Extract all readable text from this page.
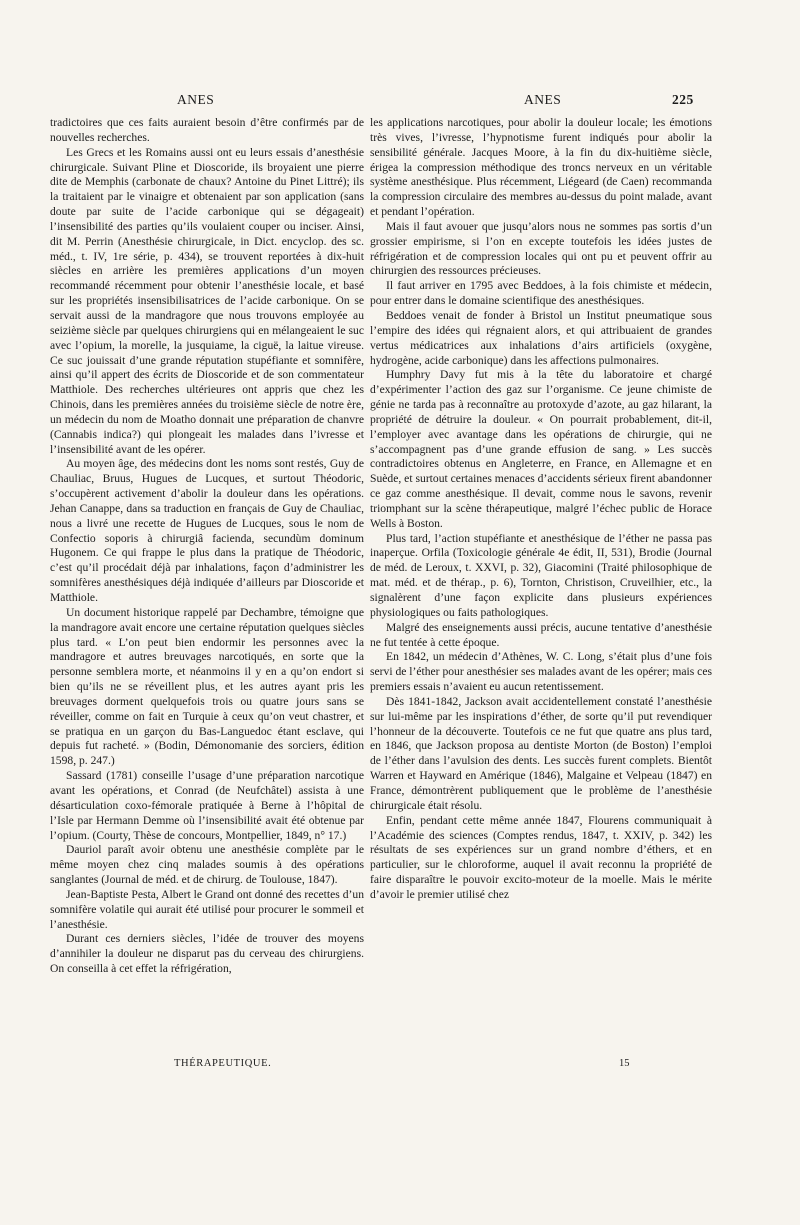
ANES	ANES	225

tradictoires que ces faits auraient besoin d’être confirmés par de nouvelles recherches.

Les Grecs et les Romains aussi ont eu leurs essais d’anesthésie chirurgicale. Suivant Pline et Dioscoride, ils broyaient une pierre dite de Memphis (carbonate de chaux? Antoine du Pinet Littré); ils la traitaient par le vinaigre et obtenaient par son application (sans doute par suite de l’acide carbonique qui se dégageait) l’insensibilité des parties qu’ils voulaient couper ou inciser. Ainsi, dit M. Perrin (Anesthésie chirurgicale, in Dict. encyclop. des sc. méd., t. IV, 1re série, p. 434), se trouvent reportées à dix-huit siècles en arrière les premières applications d’un moyen recommandé récemment pour obtenir l’anesthésie locale, et basé sur les propriétés insensibilisatrices de l’acide carbonique. On se servait aussi de la mandragore que nous trouvons employée au seizième siècle par quelques chirurgiens qui en mélangeaient le suc avec l’opium, la morelle, la jusquiame, la ciguë, la laitue vireuse. Ce suc jouissait d’une grande réputation stupéfiante et somnifère, ainsi qu’il appert des écrits de Dioscoride et de son commentateur Matthiole. Des recherches ultérieures ont appris que chez les Chinois, dans les premières années du troisième siècle de notre ère, un médecin du nom de Moatho donnait une préparation de chanvre (Cannabis indica?) qui plongeait les malades dans l’ivresse et l’insensibilité avant de les opérer.

Au moyen âge, des médecins dont les noms sont restés, Guy de Chauliac, Bruus, Hugues de Lucques, et surtout Théodoric, s’occupèrent activement d’abolir la douleur dans les opérations. Jehan Canappe, dans sa traduction en français de Guy de Chauliac, nous a livré une recette de Hugues de Lucques, sous le nom de Confectio soporis à chirurgiâ facienda, secundùm dominum Hugonem. Ce qui frappe le plus dans la pratique de Théodoric, c’est qu’il procédait déjà par inhalations, façon d’administrer les somnifères anesthésiques déjà indiquée d’ailleurs par Dioscoride et Matthiole.

Un document historique rappelé par Dechambre, témoigne que la mandragore avait encore une certaine réputation quelques siècles plus tard. « L’on peut bien endormir les personnes avec la mandragore et autres breuvages narcotiqués, en sorte que la personne semblera morte, et néanmoins il y en a qu’on endort si bien qu’ils ne se réveillent plus, et les autres ayant pris les breuvages dorment quelquefois trois ou quatre jours sans se réveiller, comme on fait en Turquie à ceux qu’on veut chastrer, et se pratiqua en un garçon du Bas-Languedoc étant esclave, qui depuis fut racheté. » (Bodin, Démonomanie des sorciers, édition 1598, p. 247.)

Sassard (1781) conseille l’usage d’une préparation narcotique avant les opérations, et Conrad (de Neufchâtel) assista à une désarticulation coxo-fémorale pratiquée à Berne à l’hôpital de l’Isle par Hermann Demme où l’insensibilité avait été obtenue par l’opium. (Courty, Thèse de concours, Montpellier, 1849, n° 17.)

Dauriol paraît avoir obtenu une anesthésie complète par le même moyen chez cinq malades soumis à des opérations sanglantes (Journal de méd. et de chirurg. de Toulouse, 1847).

Jean-Baptiste Pesta, Albert le Grand ont donné des recettes d’un somnifère volatile qui aurait été utilisé pour procurer le sommeil et l’anesthésie.

Durant ces derniers siècles, l’idée de trouver des moyens d’annihiler la douleur ne disparut pas du cerveau des chirurgiens. On conseilla à cet effet la réfrigération,

les applications narcotiques, pour abolir la douleur locale; les émotions très vives, l’ivresse, l’hypnotisme furent indiqués pour abolir la sensibilité générale. Jacques Moore, à la fin du dix-huitième siècle, érigea la compression méthodique des troncs nerveux en un véritable système anesthésique. Plus récemment, Liégeard (de Caen) recommanda la compression circulaire des membres au-dessus du point malade, avant et pendant l’opération.

Mais il faut avouer que jusqu’alors nous ne sommes pas sortis d’un grossier empirisme, si l’on en excepte toutefois les idées justes de réfrigération et de compression locales qui ont pu et peuvent offrir au chirurgien des ressources précieuses.

Il faut arriver en 1795 avec Beddoes, à la fois chimiste et médecin, pour entrer dans le domaine scientifique des anesthésiques.

Beddoes venait de fonder à Bristol un Institut pneumatique sous l’empire des idées qui régnaient alors, et qui attribuaient de grandes vertus médicatrices aux inhalations d’airs artificiels (oxygène, hydrogène, acide carbonique) dans les affections pulmonaires.

Humphry Davy fut mis à la tête du laboratoire et chargé d’expérimenter l’action des gaz sur l’organisme. Ce jeune chimiste de génie ne tarda pas à reconnaître au protoxyde d’azote, au gaz hilarant, la propriété de détruire la douleur. « On pourrait probablement, dit-il, l’employer avec avantage dans les opérations de chirurgie, qui ne s’accompagnent pas d’une grande effusion de sang. » Les succès contradictoires obtenus en Angleterre, en France, en Allemagne et en Suède, et surtout certaines menaces d’accidents sérieux firent abandonner ce gaz comme anesthésique. Il devait, comme nous le savons, revenir triomphant sur la scène thérapeutique, malgré l’échec public de Horace Wells à Boston.

Plus tard, l’action stupéfiante et anesthésique de l’éther ne passa pas inaperçue. Orfila (Toxicologie générale 4e édit, II, 531), Brodie (Journal de méd. de Leroux, t. XXVI, p. 32), Giacomini (Traité philosophique de mat. méd. et de thérap., p. 6), Tornton, Christison, Cruveilhier, etc., la signalèrent d’une façon explicite dans plusieurs expériences physiologiques ou faits pathologiques.

Malgré des enseignements aussi précis, aucune tentative d’anesthésie ne fut tentée à cette époque.

En 1842, un médecin d’Athènes, W. C. Long, s’était plus d’une fois servi de l’éther pour anesthésier ses malades avant de les opérer; mais ces premiers essais n’avaient eu aucun retentissement.

Dès 1841-1842, Jackson avait accidentellement constaté l’anesthésie sur lui-même par les inspirations d’éther, de sorte qu’il put revendiquer l’honneur de la découverte. Toutefois ce ne fut que quatre ans plus tard, en 1846, que Jackson proposa au dentiste Morton (de Boston) l’emploi de l’éther dans l’avulsion des dents. Les succès furent complets. Bientôt Warren et Hayward en Amérique (1846), Malgaine et Velpeau (1847) en France, démontrèrent publiquement que le problème de l’anesthésie chirurgicale était résolu.

Enfin, pendant cette même année 1847, Flourens communiquait à l’Académie des sciences (Comptes rendus, 1847, t. XXIV, p. 342) les résultats de ses expériences sur un grand nombre d’éthers, et en particulier, sur le chloroforme, auquel il avait reconnu la propriété de faire disparaître le pouvoir excito-moteur de la moelle. Mais le mérite d’avoir le premier utilisé chez

THÉRAPEUTIQUE.	15
